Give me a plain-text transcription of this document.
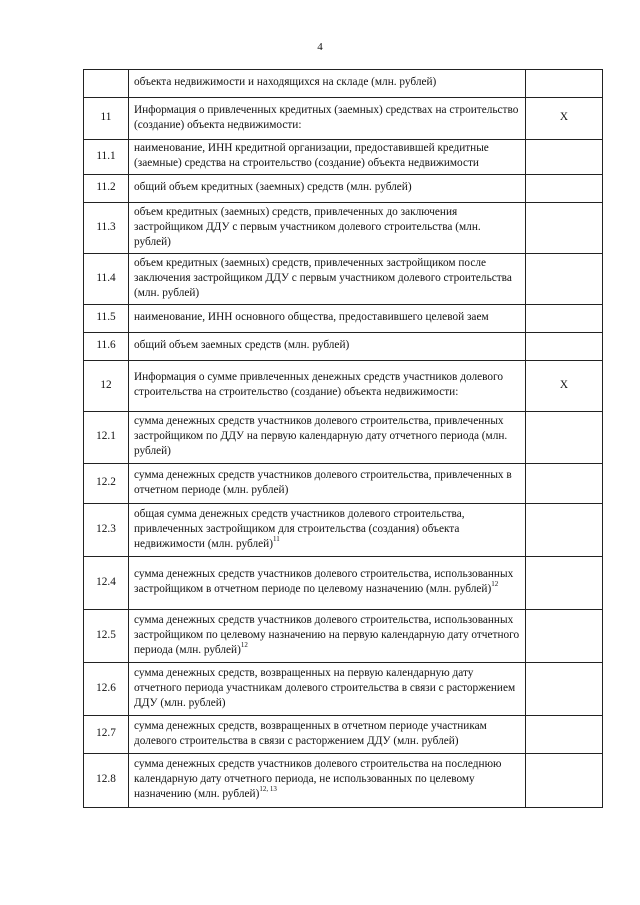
4
	объекта недвижимости и находящихся на складе (млн. рублей)	
11	Информация о привлеченных кредитных (заемных) средствах на строительство (создание) объекта недвижимости:	X
11.1	наименование, ИНН кредитной организации, предоставившей кредитные (заемные) средства на строительство (создание) объекта недвижимости	
11.2	общий объем кредитных (заемных) средств (млн. рублей)	
11.3	объем кредитных (заемных) средств, привлеченных до заключения застройщиком ДДУ с первым участником долевого строительства (млн. рублей)	
11.4	объем кредитных (заемных) средств, привлеченных застройщиком после заключения застройщиком ДДУ с первым участником долевого строительства (млн. рублей)	
11.5	наименование, ИНН основного общества, предоставившего целевой заем	
11.6	общий объем заемных средств (млн. рублей)	
12	Информация о сумме привлеченных денежных средств участников долевого строительства на строительство (создание) объекта недвижимости:	X
12.1	сумма денежных средств участников долевого строительства, привлеченных застройщиком по ДДУ на первую календарную дату отчетного периода (млн. рублей)	
12.2	сумма денежных средств участников долевого строительства, привлеченных в отчетном периоде (млн. рублей)	
12.3	общая сумма денежных средств участников долевого строительства, привлеченных застройщиком для строительства (создания) объекта недвижимости (млн. рублей)$^{11}$	
12.4	сумма денежных средств участников долевого строительства, использованных застройщиком в отчетном периоде по целевому назначению (млн. рублей)$^{12}$	
12.5	сумма денежных средств участников долевого строительства, использованных застройщиком по целевому назначению на первую календарную дату отчетного периода (млн. рублей)$^{12}$	
12.6	сумма денежных средств, возвращенных на первую календарную дату отчетного периода участникам долевого строительства в связи с расторжением ДДУ (млн. рублей)	
12.7	сумма денежных средств, возвращенных в отчетном периоде участникам долевого строительства в связи с расторжением ДДУ (млн. рублей)	
12.8	сумма денежных средств участников долевого строительства на последнюю календарную дату отчетного периода, не использованных по целевому назначению (млн. рублей)$^{12, 13}$	
